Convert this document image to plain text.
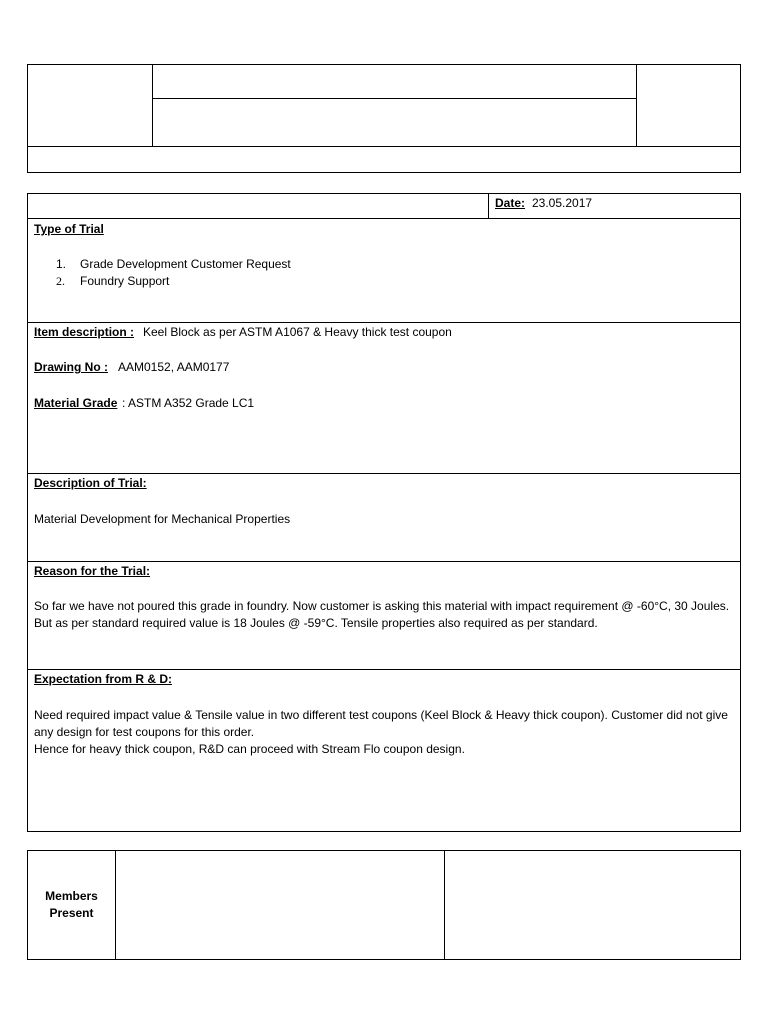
Date: 23.05.2017
Type of Trial
1. Grade Development Customer Request
2. Foundry Support
Item description : Keel Block as per ASTM A1067 & Heavy thick test coupon
Drawing No : AAM0152, AAM0177
Material Grade : ASTM A352 Grade LC1
Description of Trial:
Material Development for Mechanical Properties
Reason for the Trial:
So far we have not poured this grade in foundry. Now customer is asking this material with impact requirement @ -60°C, 30 Joules. But as per standard required value is 18 Joules @ -59°C. Tensile properties also required as per standard.
Expectation from R & D:
Need required impact value & Tensile value in two different test coupons (Keel Block & Heavy thick coupon). Customer did not give any design for test coupons for this order.
Hence for heavy thick coupon, R&D can proceed with Stream Flo coupon design.
Members Present
